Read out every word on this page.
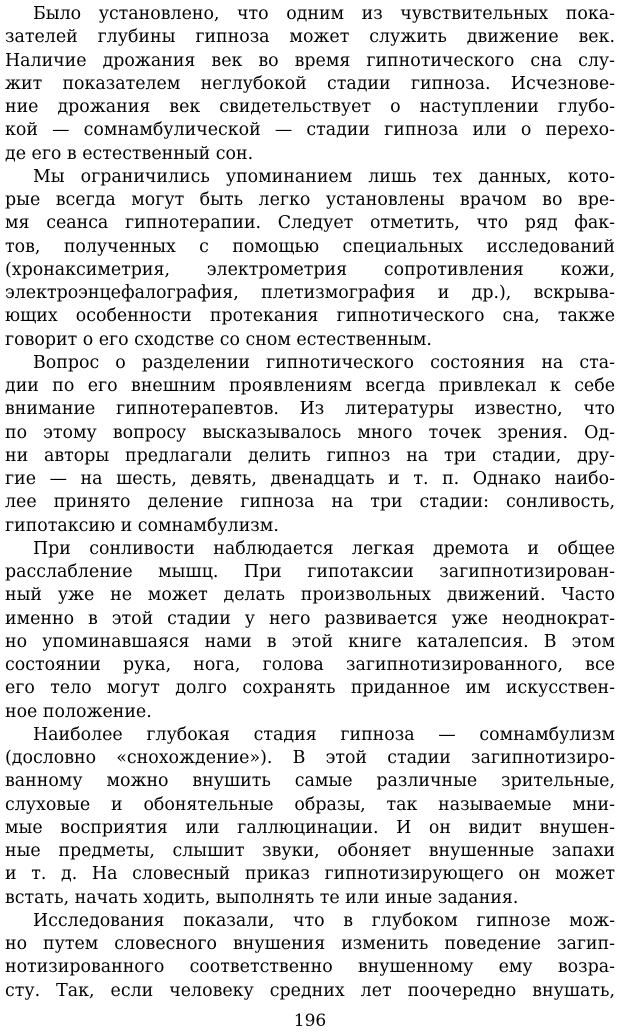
Было установлено, что одним из чувствительных пока-
зателей глубины гипноза может служить движение век.
Наличие дрожания век во время гипнотического сна слу-
жит показателем неглубокой стадии гипноза. Исчезнове-
ние дрожания век свидетельствует о наступлении глубо-
кой — сомнамбулической — стадии гипноза или о перехо-
де его в естественный сон.
Мы ограничились упоминанием лишь тех данных, кото-
рые всегда могут быть легко установлены врачом во вре-
мя сеанса гипнотерапии. Следует отметить, что ряд фак-
тов, полученных с помощью специальных исследований
(хронаксиметрия, электрометрия сопротивления кожи,
электроэнцефалография, плетизмография и др.), вскрыва-
ющих особенности протекания гипнотического сна, также
говорит о его сходстве со сном естественным.
Вопрос о разделении гипнотического состояния на ста-
дии по его внешним проявлениям всегда привлекал к себе
внимание гипнотерапевтов. Из литературы известно, что
по этому вопросу высказывалось много точек зрения. Од-
ни авторы предлагали делить гипноз на три стадии, дру-
гие — на шесть, девять, двенадцать и т. п. Однако наибо-
лее принято деление гипноза на три стадии: сонливость,
гипотаксию и сомнамбулизм.
При сонливости наблюдается легкая дремота и общее
расслабление мышц. При гипотаксии загипнотизирован-
ный уже не может делать произвольных движений. Часто
именно в этой стадии у него развивается уже неоднократ-
но упоминавшаяся нами в этой книге каталепсия. В этом
состоянии рука, нога, голова загипнотизированного, все
его тело могут долго сохранять приданное им искусствен-
ное положение.
Наиболее глубокая стадия гипноза — сомнамбулизм
(дословно «снохождение»). В этой стадии загипнотизиро-
ванному можно внушить самые различные зрительные,
слуховые и обонятельные образы, так называемые мни-
мые восприятия или галлюцинации. И он видит внушен-
ные предметы, слышит звуки, обоняет внушенные запахи
и т. д. На словесный приказ гипнотизирующего он может
встать, начать ходить, выполнять те или иные задания.
Исследования показали, что в глубоком гипнозе мож-
но путем словесного внушения изменить поведение загип-
нотизированного соответственно внушенному ему возра-
сту. Так, если человеку средних лет поочередно внушать,
196
